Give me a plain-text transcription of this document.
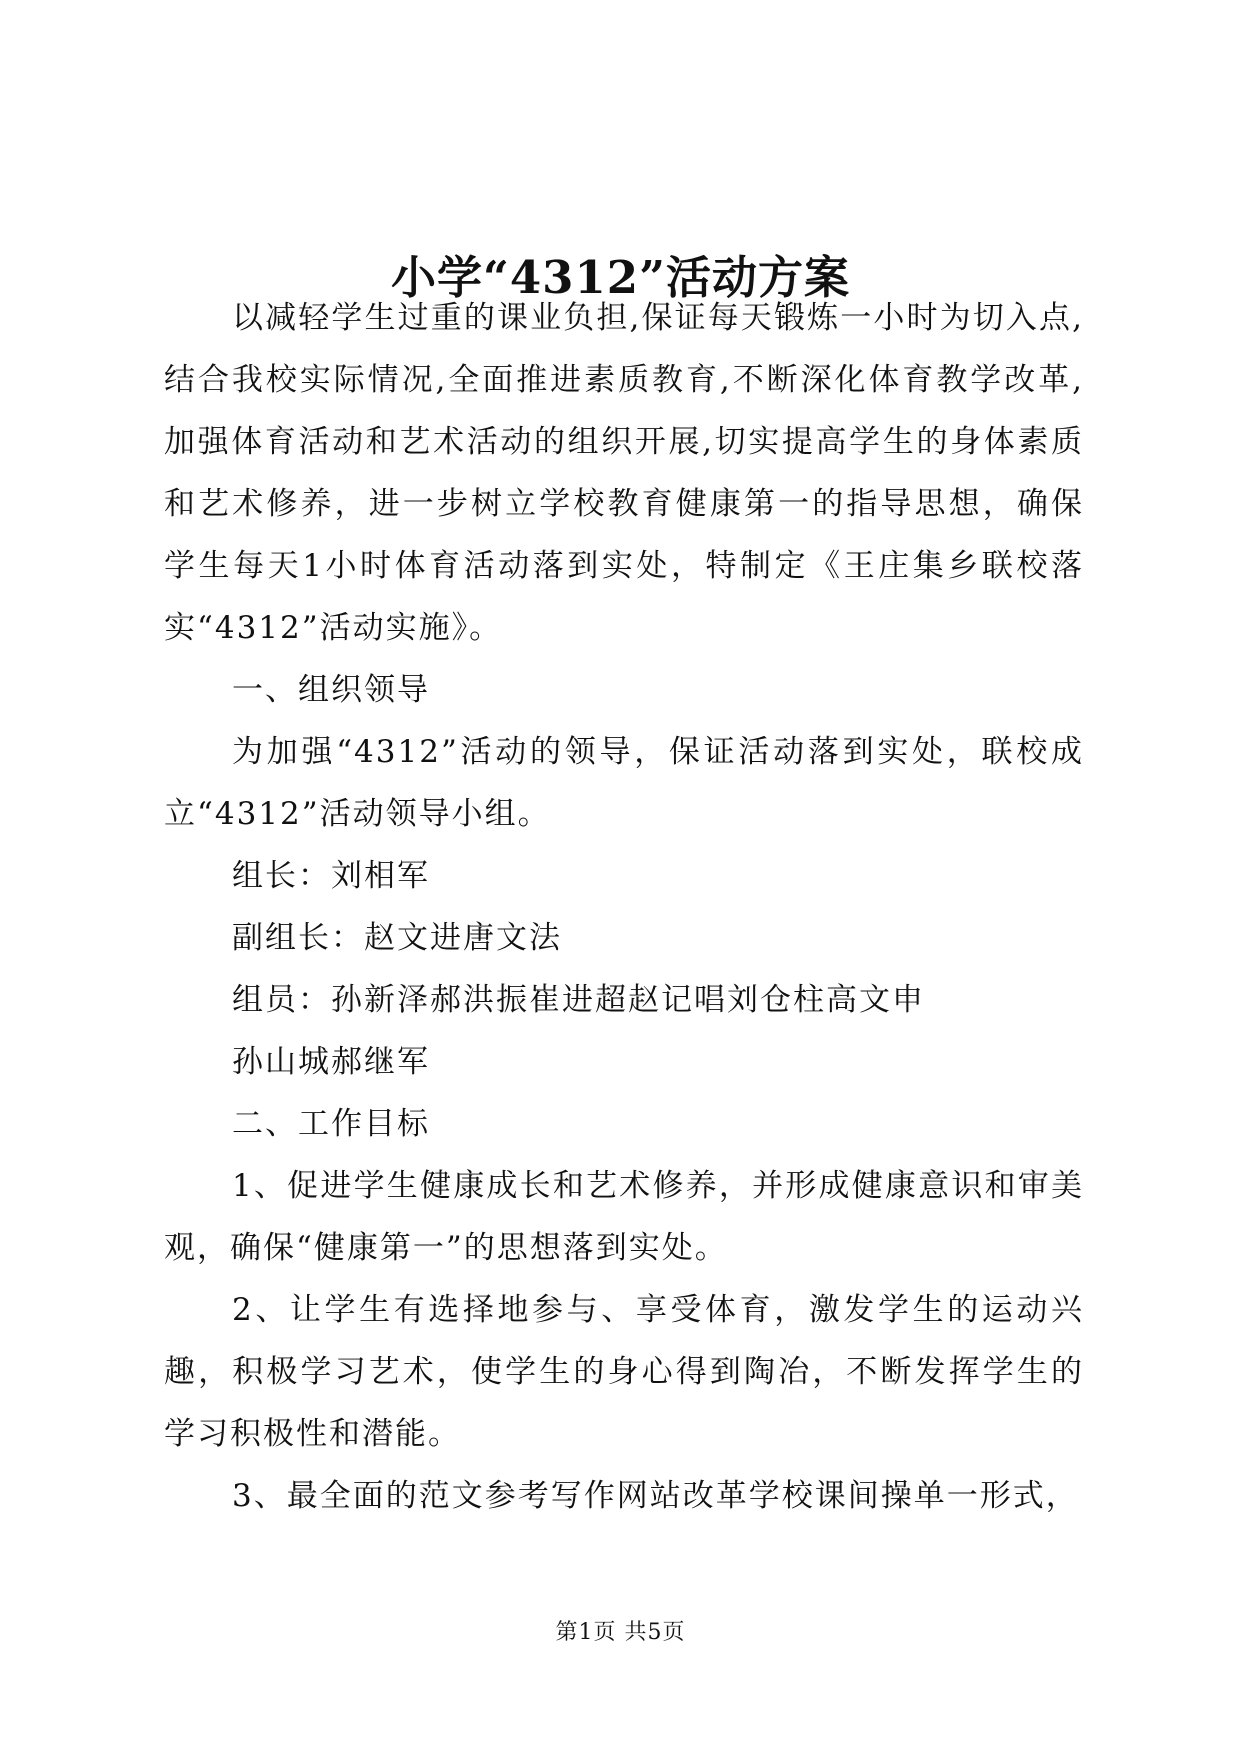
小学“4312”活动方案

以减轻学生过重的课业负担,保证每天锻炼一小时为切入点,结合我校实际情况,全面推进素质教育,不断深化体育教学改革,加强体育活动和艺术活动的组织开展,切实提高学生的身体素质和艺术修养，进一步树立学校教育健康第一的指导思想，确保学生每天1小时体育活动落到实处，特制定《王庄集乡联校落实“4312”活动实施》。

一、组织领导

为加强“4312”活动的领导，保证活动落到实处，联校成立“4312”活动领导小组。

组长：刘相军

副组长：赵文进唐文法

组员：孙新泽郝洪振崔进超赵记唱刘仓柱高文申

孙山城郝继军

二、工作目标

1、促进学生健康成长和艺术修养，并形成健康意识和审美观，确保“健康第一”的思想落到实处。

2、让学生有选择地参与、享受体育，激发学生的运动兴趣，积极学习艺术，使学生的身心得到陶冶，不断发挥学生的学习积极性和潜能。

3、最全面的范文参考写作网站改革学校课间操单一形式，

第1页 共5页
